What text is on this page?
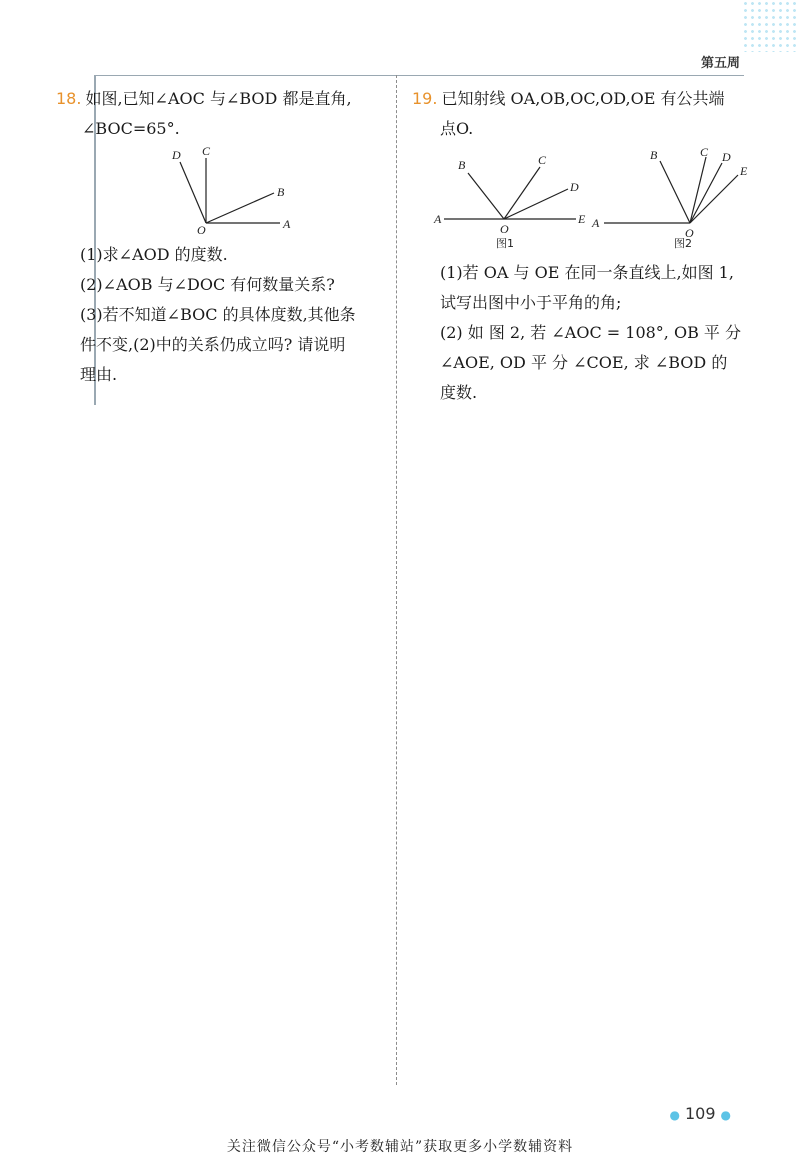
第五周
18. 如图,已知∠AOC 与∠BOD 都是直角,
∠BOC=65°.
D C
B
O	A
(1)求∠AOD 的度数.
(2)∠AOB 与∠DOC 有何数量关系?
(3)若不知道∠BOC 的具体度数,其他条
件不变,(2)中的关系仍成立吗? 请说明
理由.
19. 已知射线 OA,OB,OC,OD,OE 有公共端
点O.
A
B	C
D
E
O
图1
A
B	C D
E
O
图2
(1)若 OA 与 OE 在同一条直线上,如图 1,
试写出图中小于平角的角;
(2) 如 图 2, 若 ∠AOC = 108°, OB 平 分
∠AOE, OD 平 分 ∠COE, 求 ∠BOD 的
度数.
● 109 ●
关注微信公众号“小考数辅站”获取更多小学数辅资料
